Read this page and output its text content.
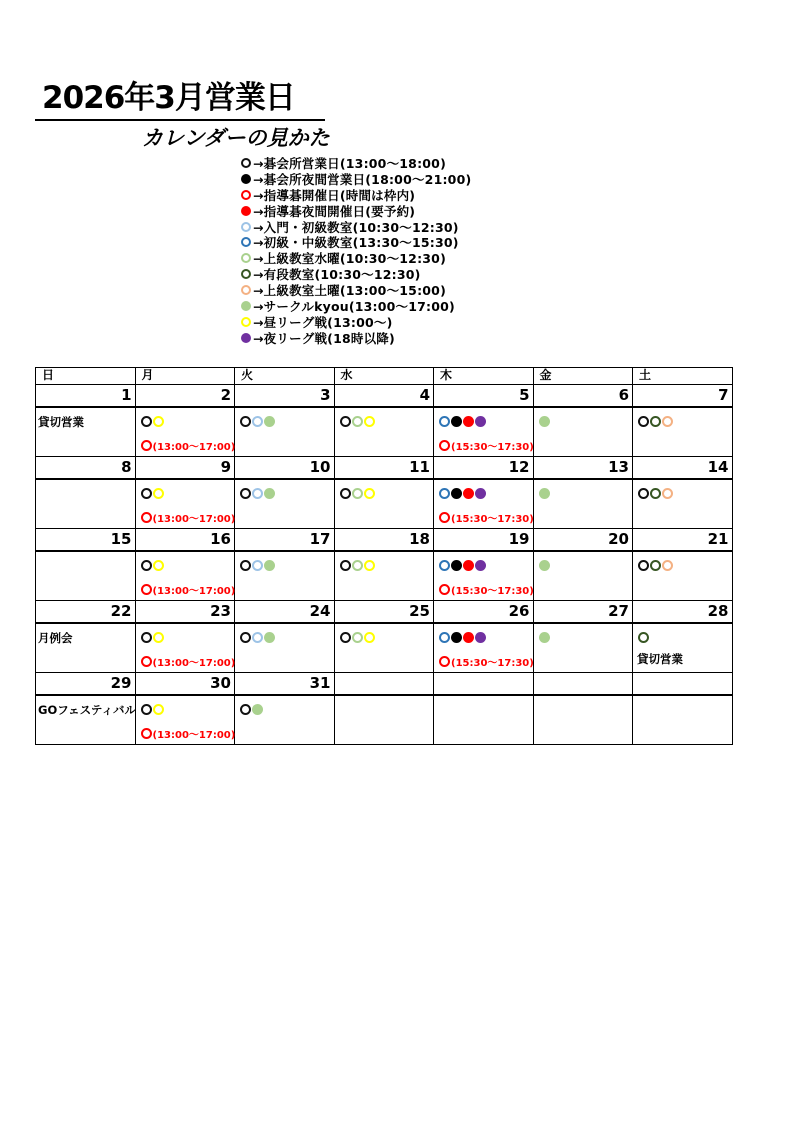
2026年3月営業日
カレンダーの見かた
→碁会所営業日(13:00～18:00)
→碁会所夜間営業日(18:00～21:00)
→指導碁開催日(時間は枠内)
→指導碁夜間開催日(要予約)
→入門・初級教室(10:30～12:30)
→初級・中級教室(13:30～15:30)
→上級教室水曜(10:30～12:30)
→有段教室(10:30～12:30)
→上級教室土曜(13:00～15:00)
→サークルkyou(13:00～17:00)
→昼リーグ戦(13:00～)
→夜リーグ戦(18時以降)
日	月	火	水	木	金	土
1	2	3	4	5	6	7

貸切営業	(13:00～17:00)			(15:30～17:30)		

8	9	10	11	12	13	14

	(13:00～17:00)			(15:30～17:30)		

15	16	17	18	19	20	21

	(13:00～17:00)			(15:30～17:30)		

22	23	24	25	26	27	28

月例会	(13:00～17:00)			(15:30～17:30)		貸切営業

29	30	31				

GOフェスティバル	(13:00～17:00)					
